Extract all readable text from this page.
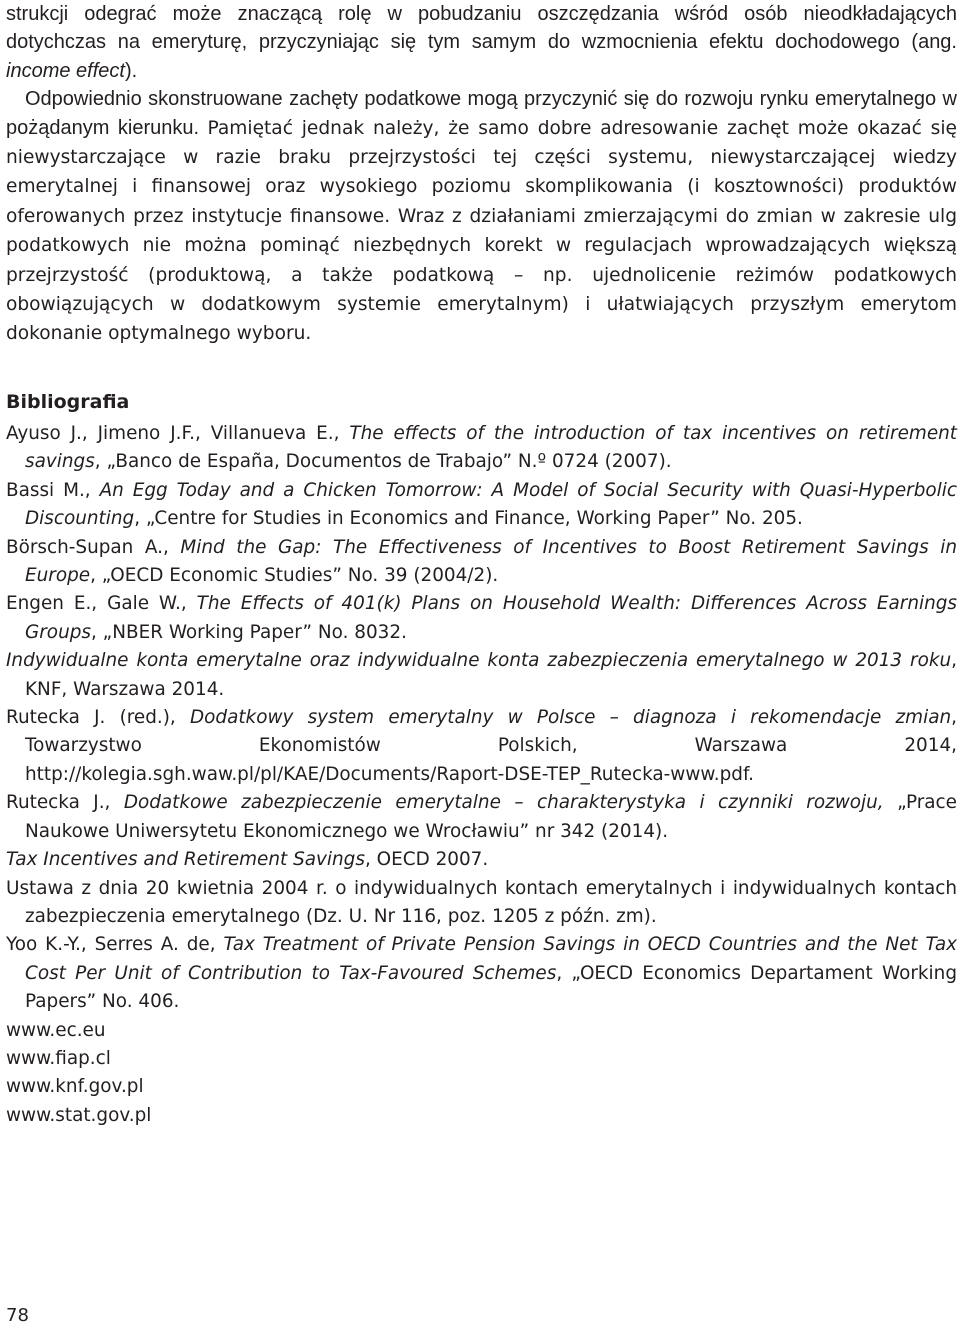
strukcji odegrać może znaczącą rolę w pobudzaniu oszczędzania wśród osób nieodkładających dotychczas na emeryturę, przyczyniając się tym samym do wzmocnienia efektu dochodowego (ang. income effect).
Odpowiednio skonstruowane zachęty podatkowe mogą przyczynić się do rozwoju rynku emerytalnego w pożądanym kierunku. Pamiętać jednak należy, że samo dobre adresowanie zachęt może okazać się niewystarczające w razie braku przejrzystości tej części systemu, niewystarczającej wiedzy emerytalnej i finansowej oraz wysokiego poziomu skomplikowania (i kosztowności) produktów oferowanych przez instytucje finansowe. Wraz z działaniami zmierzającymi do zmian w zakresie ulg podatkowych nie można pominąć niezbędnych korekt w regulacjach wprowadzających większą przejrzystość (produktową, a także podatkową – np. ujednolicenie reżimów podatkowych obowiązujących w dodatkowym systemie emerytalnym) i ułatwiających przyszłym emerytom dokonanie optymalnego wyboru.

Bibliografia
Ayuso J., Jimeno J.F., Villanueva E., The effects of the introduction of tax incentives on retirement savings, „Banco de España, Documentos de Trabajo” N.º 0724 (2007).
Bassi M., An Egg Today and a Chicken Tomorrow: A Model of Social Security with Quasi-Hyperbolic Discounting, „Centre for Studies in Economics and Finance, Working Paper” No. 205.
Börsch-Supan A., Mind the Gap: The Effectiveness of Incentives to Boost Retirement Savings in Europe, „OECD Economic Studies” No. 39 (2004/2).
Engen E., Gale W., The Effects of 401(k) Plans on Household Wealth: Differences Across Earnings Groups, „NBER Working Paper” No. 8032.
Indywidualne konta emerytalne oraz indywidualne konta zabezpieczenia emerytalnego w 2013 roku, KNF, Warszawa 2014.
Rutecka J. (red.), Dodatkowy system emerytalny w Polsce – diagnoza i rekomendacje zmian, Towarzystwo Ekonomistów Polskich, Warszawa 2014, http://kolegia.sgh.waw.pl/pl/KAE/Documents/Raport-DSE-TEP_Rutecka-www.pdf.
Rutecka J., Dodatkowe zabezpieczenie emerytalne – charakterystyka i czynniki rozwoju, „Prace Naukowe Uniwersytetu Ekonomicznego we Wrocławiu” nr 342 (2014).
Tax Incentives and Retirement Savings, OECD 2007.
Ustawa z dnia 20 kwietnia 2004 r. o indywidualnych kontach emerytalnych i indywidualnych kontach zabezpieczenia emerytalnego (Dz. U. Nr 116, poz. 1205 z późn. zm).
Yoo K.-Y., Serres A. de, Tax Treatment of Private Pension Savings in OECD Countries and the Net Tax Cost Per Unit of Contribution to Tax-Favoured Schemes, „OECD Economics Departament Working Papers” No. 406.
www.ec.eu
www.fiap.cl
www.knf.gov.pl
www.stat.gov.pl

78
